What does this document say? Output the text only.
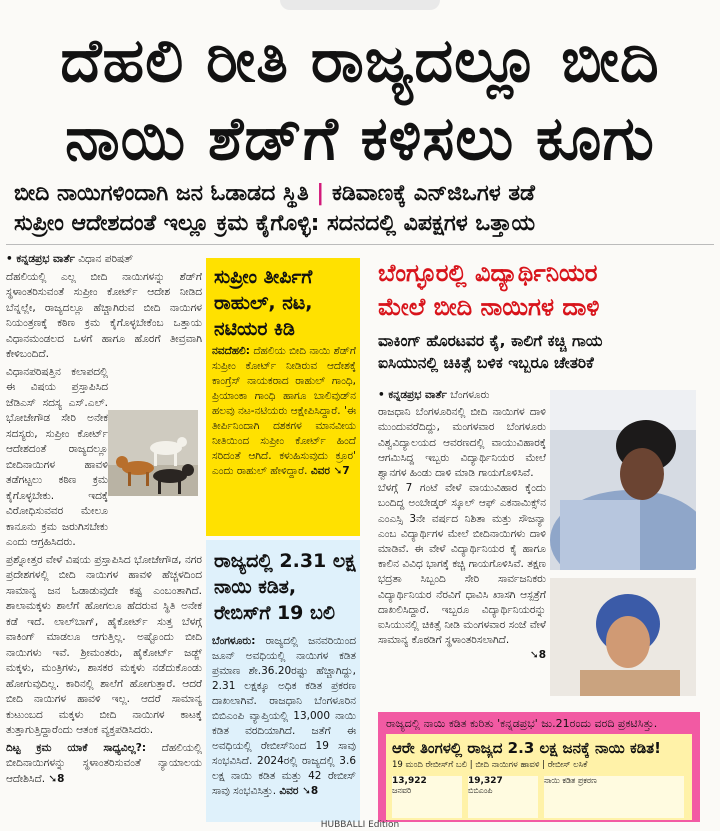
ದೆಹಲಿ ರೀತಿ ರಾಜ್ಯದಲ್ಲೂ ಬೀದಿ
ನಾಯಿ ಶೆಡ್‌ಗೆ ಕಳಿಸಲು ಕೂಗು
ಬೀದಿ ನಾಯಿಗಳಿಂದಾಗಿ ಜನ ಓಡಾಡದ ಸ್ಥಿತಿ | ಕಡಿವಾಣಕ್ಕೆ ಎನ್‌ಜಿಒಗಳ ತಡೆ
ಸುಪ್ರೀಂ ಆದೇಶದಂತೆ ಇಲ್ಲೂ ಕ್ರಮ ಕೈಗೊಳ್ಳಿ: ಸದನದಲ್ಲಿ ವಿಪಕ್ಷಗಳ ಒತ್ತಾಯ

• ಕನ್ನಡಪ್ರಭ ವಾರ್ತೆ ವಿಧಾನ ಪರಿಷತ್

ದೆಹಲಿಯಲ್ಲಿ ಎಲ್ಲ ಬೀದಿ ನಾಯಿಗಳನ್ನು ಶೆಡ್‌ಗೆ ಸ್ಥಳಾಂತರಿಸುವಂತೆ ಸುಪ್ರೀಂ ಕೋರ್ಟ್ ಆದೇಶ ನೀಡಿದ ಬೆನ್ನಲ್ಲೇ, ರಾಜ್ಯದಲ್ಲೂ ಹೆಚ್ಚಾಗಿರುವ ಬೀದಿ ನಾಯಿಗಳ ನಿಯಂತ್ರಣಕ್ಕೆ ಕಠಿಣ ಕ್ರಮ ಕೈಗೊಳ್ಳಬೇಕೆಂಬ ಒತ್ತಾಯ ವಿಧಾನಮಂಡಲದ ಒಳಗೆ ಹಾಗೂ ಹೊರಗೆ ತೀವ್ರವಾಗಿ ಕೇಳಿಬಂದಿದೆ.

ವಿಧಾನಪರಿಷತ್ತಿನ ಕಲಾಪದಲ್ಲಿ ಈ ವಿಷಯ ಪ್ರಸ್ತಾಪಿಸಿದ ಜೆಡಿಎಸ್ ಸದಸ್ಯ ಎಸ್.ಎಲ್. ಭೋಜೇಗೌಡ ಸೇರಿ ಅನೇಕ ಸದಸ್ಯರು, ಸುಪ್ರೀಂ ಕೋರ್ಟ್ ಆದೇಶದಂತೆ ರಾಜ್ಯದಲ್ಲೂ ಬೀದಿನಾಯಿಗಳ ಹಾವಳಿ ತಡೆಗಟ್ಟಲು ಕಠಿಣ ಕ್ರಮ ಕೈಗೊಳ್ಳಬೇಕು. ಇದಕ್ಕೆ ವಿರೋಧಿಸುವವರ ಮೇಲೂ ಕಾನೂನು ಕ್ರಮ ಜರುಗಿಸಬೇಕು ಎಂದು ಆಗ್ರಹಿಸಿದರು.

ಪ್ರಶ್ನೋತ್ತರ ವೇಳೆ ವಿಷಯ ಪ್ರಸ್ತಾಪಿಸಿದ ಭೋಜೇಗೌಡ, ನಗರ ಪ್ರದೇಶಗಳಲ್ಲಿ ಬೀದಿ ನಾಯಿಗಳ ಹಾವಳಿ ಹೆಚ್ಚಳದಿಂದ ಸಾಮಾನ್ಯ ಜನ ಓಡಾಡುವುದೇ ಕಷ್ಟ ಎಂಬಂತಾಗಿದೆ. ಶಾಲಾಮಕ್ಕಳು ಶಾಲೆಗೆ ಹೋಗಲೂ ಹೆದರುವ ಸ್ಥಿತಿ ಅನೇಕ ಕಡೆ ಇದೆ. ಲಾಲ್‌ಬಾಗ್, ಹೈಕೋರ್ಟ್ ಸುತ್ತ ಬೆಳಗ್ಗೆ ವಾಕಿಂಗ್ ಮಾಡಲೂ ಆಗುತ್ತಿಲ್ಲ. ಅಷ್ಟೊಂದು ಬೀದಿ ನಾಯಿಗಳು ಇವೆ. ಶ್ರೀಮಂತರು, ಹೈಕೋರ್ಟ್ ಜಡ್ಜ್ ಮಕ್ಕಳು, ಮಂತ್ರಿಗಳು, ಶಾಸಕರ ಮಕ್ಕಳು ನಡೆದುಕೊಂಡು ಹೋಗುವುದಿಲ್ಲ. ಕಾರಿನಲ್ಲಿ ಶಾಲೆಗೆ ಹೋಗುತ್ತಾರೆ. ಆದರೆ ಬೀದಿ ನಾಯಿಗಳ ಹಾವಳಿ ಇಲ್ಲ. ಆದರೆ ಸಾಮಾನ್ಯ ಕುಟುಂಬದ ಮಕ್ಕಳು ಬೀದಿ ನಾಯಿಗಳ ಕಾಟಕ್ಕೆ ತುತ್ತಾಗುತ್ತಿದ್ದಾರೆಂದು ಆತಂಕ ವ್ಯಕ್ತಪಡಿಸಿದರು.

ದಿಟ್ಟ ಕ್ರಮ ಯಾಕೆ ಸಾಧ್ಯವಿಲ್ಲ?: ದೆಹಲಿಯಲ್ಲಿ ಬೀದಿನಾಯಿಗಳನ್ನು ಸ್ಥಳಾಂತರಿಸುವಂತೆ ನ್ಯಾಯಾಲಯ ಆದೇಶಿಸಿದೆ. ➘8

ಸುಪ್ರೀಂ ತೀರ್ಪಿಗೆ ರಾಹುಲ್, ನಟ, ನಟಿಯರ ಕಿಡಿ
ನವದೆಹಲಿ: ದೆಹಲಿಯ ಬೀದಿ ನಾಯಿ ಶೆಡ್‌ಗೆ ಸುಪ್ರೀಂ ಕೋರ್ಟ್ ನೀಡಿರುವ ಆದೇಶಕ್ಕೆ ಕಾಂಗ್ರೆಸ್ ನಾಯಕರಾದ ರಾಹುಲ್ ಗಾಂಧಿ, ಪ್ರಿಯಾಂಕಾ ಗಾಂಧಿ ಹಾಗೂ ಬಾಲಿವುಡ್‌ನ ಹಲವು ನಟ-ನಟಿಯರು ಆಕ್ಷೇಪಿಸಿದ್ದಾರೆ. 'ಈ ತೀರ್ಪಿನಿಂದಾಗಿ ದಶಕಗಳ ಮಾನವೀಯ ನೀತಿಯಿಂದ ಸುಪ್ರೀಂ ಕೋರ್ಟ್ ಹಿಂದೆ ಸರಿದಂತೆ ಆಗಿದೆ. ಕಳುಹಿಸುವುದು ಕ್ರೂರ' ಎಂದು ರಾಹುಲ್ ಹೇಳಿದ್ದಾರೆ. ವಿವರ ➘7
ರಾಜ್ಯದಲ್ಲಿ 2.31 ಲಕ್ಷ ನಾಯಿ ಕಡಿತ, ರೇಬಿಸ್‌ಗೆ 19 ಬಲಿ
ಬೆಂಗಳೂರು: ರಾಜ್ಯದಲ್ಲಿ ಜನವರಿಯಿಂದ ಜೂನ್ ಅವಧಿಯಲ್ಲಿ ನಾಯಿಗಳ ಕಡಿತ ಪ್ರಮಾಣ ಶೇ.36.20ರಷ್ಟು ಹೆಚ್ಚಾಗಿದ್ದು, 2.31 ಲಕ್ಷಕ್ಕೂ ಅಧಿಕ ಕಡಿತ ಪ್ರಕರಣ ದಾಖಲಾಗಿವೆ. ರಾಜಧಾನಿ ಬೆಂಗಳೂರಿನ ಬಿಬಿಎಂಪಿ ವ್ಯಾಪ್ತಿಯಲ್ಲಿ 13,000 ನಾಯಿ ಕಡಿತ ವರದಿಯಾಗಿದೆ. ಜತೆಗೆ ಈ ಅವಧಿಯಲ್ಲಿ ರೇಬೀಸ್‌ನಿಂದ 19 ಸಾವು ಸಂಭವಿಸಿದೆ. 2024ರಲ್ಲಿ ರಾಜ್ಯದಲ್ಲಿ 3.6 ಲಕ್ಷ ನಾಯಿ ಕಡಿತ ಮತ್ತು 42 ರೇಬೀಸ್ ಸಾವು ಸಂಭವಿಸಿತ್ತು. ವಿವರ ➘8
ಬೆಂಗ್ಳೂರಲ್ಲಿ ವಿದ್ಯಾರ್ಥಿನಿಯರ
ಮೇಲೆ ಬೀದಿ ನಾಯಿಗಳ ದಾಳಿ
ವಾಕಿಂಗ್ ಹೊರಟವರ ಕೈ, ಕಾಲಿಗೆ ಕಚ್ಚಿ ಗಾಯ
ಐಸಿಯುನಲ್ಲಿ ಚಿಕಿತ್ಸೆ ಬಳಿಕ ಇಬ್ಬರೂ ಚೇತರಿಕೆ
• ಕನ್ನಡಪ್ರಭ ವಾರ್ತೆ ಬೆಂಗಳೂರು
ರಾಜಧಾನಿ ಬೆಂಗಳೂರಿನಲ್ಲಿ ಬೀದಿ ನಾಯಿಗಳ ದಾಳಿ ಮುಂದುವರೆದಿದ್ದು, ಮಂಗಳವಾರ ಬೆಂಗಳೂರು ವಿಶ್ವವಿದ್ಯಾಲಯದ ಆವರಣದಲ್ಲಿ ವಾಯುವಿಹಾರಕ್ಕೆ ಆಗಮಿಸಿದ್ದ ಇಬ್ಬರು ವಿದ್ಯಾರ್ಥಿನಿಯರ ಮೇಲೆ ಶ್ವಾನಗಳ ಹಿಂಡು ದಾಳಿ ಮಾಡಿ ಗಾಯಗೊಳಿಸಿವೆ.
ಬೆಳಗ್ಗೆ 7 ಗಂಟೆ ವೇಳೆ ವಾಯುವಿಹಾರ ಕ್ಕೆಂದು ಬಂದಿದ್ದ ಅಂಬೇಡ್ಕರ್ ಸ್ಕೂಲ್ ಆಫ್ ಎಕನಾಮಿಕ್ಸ್‌ನ ಎಂಎಸ್ಸಿ 3ನೇ ವರ್ಷದ ನಿಶಿತಾ ಮತ್ತು ಸೌಜನ್ಯಾ ಎಂಬ ವಿದ್ಯಾರ್ಥಿಗಳ ಮೇಲೆ ಬೀದಿನಾಯಿಗಳು ದಾಳಿ ಮಾಡಿವೆ. ಈ ವೇಳೆ ವಿದ್ಯಾರ್ಥಿನಿಯರ ಕೈ ಹಾಗೂ ಕಾಲಿನ ವಿವಿಧ ಭಾಗಕ್ಕೆ ಕಚ್ಚಿ ಗಾಯಗೊಳಿಸಿವೆ. ತಕ್ಷಣ ಭದ್ರತಾ ಸಿಬ್ಬಂದಿ ಸೇರಿ ಸಾರ್ವಜನಿಕರು ವಿದ್ಯಾರ್ಥಿನಿಯರ ನೆರವಿಗೆ ಧಾವಿಸಿ ಖಾಸಗಿ ಆಸ್ಪತ್ರೆಗೆ ದಾಖಲಿಸಿದ್ದಾರೆ. ಇಬ್ಬರೂ ವಿದ್ಯಾರ್ಥಿನಿಯರನ್ನು ಐಸಿಯುನಲ್ಲಿ ಚಿಕಿತ್ಸೆ ನೀಡಿ ಮಂಗಳವಾರ ಸಂಜೆ ವೇಳೆ ಸಾಮಾನ್ಯ ಕೊಠಡಿಗೆ ಸ್ಥಳಾಂತರಿಸಲಾಗಿದೆ.
➘8
ರಾಜ್ಯದಲ್ಲಿ ನಾಯಿ ಕಡಿತ ಕುರಿತು 'ಕನ್ನಡಪ್ರಭ' ಜು.21ರಂದು ವರದಿ ಪ್ರಕಟಿಸಿತ್ತು.
ಆರೇ ತಿಂಗಳಲ್ಲಿ ರಾಜ್ಯದ 2.3 ಲಕ್ಷ ಜನಕ್ಕೆ ನಾಯಿ ಕಡಿತ!
19 ಮಂದಿ ರೇಬೀಸ್‌ಗೆ ಬಲಿ | ಬೀದಿ ನಾಯಿಗಳ ಹಾವಳಿ | ರೇಬೀಸ್ ಲಸಿಕೆ
13,922
ಜನವರಿ
19,327
ಬಿಬಿಎಂಪಿ
ನಾಯಿ ಕಡಿತ ಪ್ರಕರಣ
HUBBALLI Edition
